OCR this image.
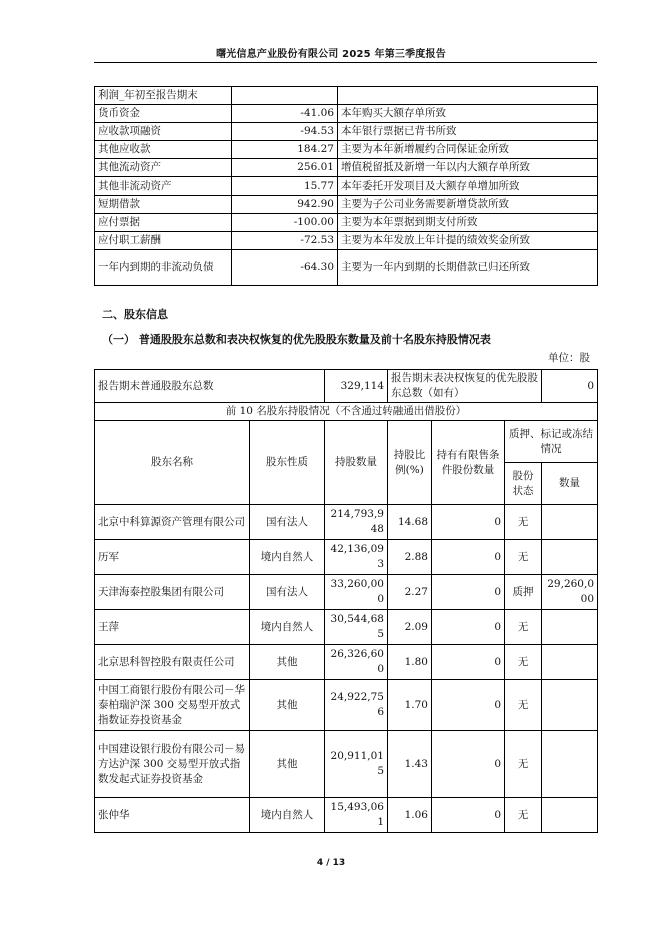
曙光信息产业股份有限公司 2025 年第三季度报告
利润_年初至报告期末		
货币资金	-41.06	本年购买大额存单所致
应收款项融资	-94.53	本年银行票据已背书所致
其他应收款	184.27	主要为本年新增履约合同保证金所致
其他流动资产	256.01	增值税留抵及新增一年以内大额存单所致
其他非流动资产	15.77	本年委托开发项目及大额存单增加所致
短期借款	942.90	主要为子公司业务需要新增贷款所致
应付票据	-100.00	主要为本年票据到期支付所致
应付职工薪酬	-72.53	主要为本年发放上年计提的绩效奖金所致
一年内到期的非流动负债	-64.30	主要为一年内到期的长期借款已归还所致
二、股东信息
（一） 普通股股东总数和表决权恢复的优先股股东数量及前十名股东持股情况表
单位：股
报告期末普通股股东总数		329,114	报告期末表决权恢复的优先股股东总数（如有）			0
前 10 名股东持股情况（不含通过转融通出借股份）						
股东名称	股东性质	持股数量	持股比例(%)	持有有限售条件股份数量	质押、标记或冻结情况	
					股份状态	数量
北京中科算源资产管理有限公司	国有法人	214,793,948	14.68	0	无	
历军	境内自然人	42,136,093	2.88	0	无	
天津海泰控股集团有限公司	国有法人	33,260,000	2.27	0	质押	29,260,000
王萍	境内自然人	30,544,685	2.09	0	无	
北京思科智控股有限责任公司	其他	26,326,600	1.80	0	无	
中国工商银行股份有限公司－华泰柏瑞沪深 300 交易型开放式指数证券投资基金	其他	24,922,756	1.70	0	无	
中国建设银行股份有限公司－易方达沪深 300 交易型开放式指数发起式证券投资基金	其他	20,911,015	1.43	0	无	
张仲华	境内自然人	15,493,061	1.06	0	无	
4 / 13
